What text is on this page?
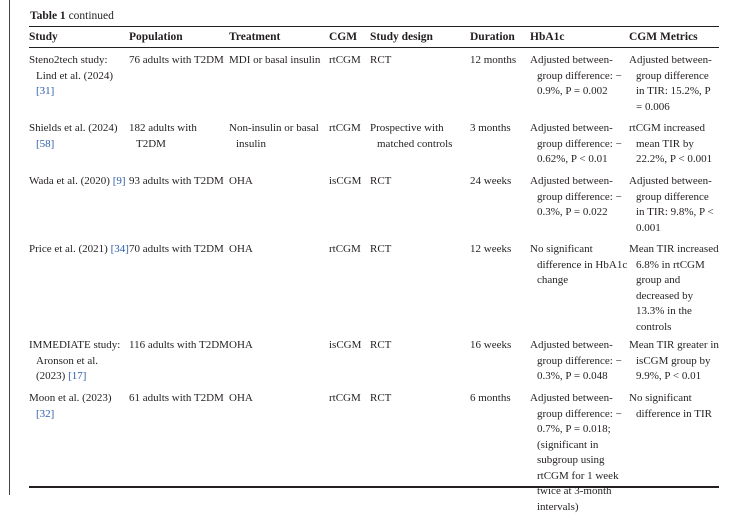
Table 1 continued
Study	Population	Treatment	CGM	Study design	Duration	HbA1c	CGM Metrics

Steno2tech study: Lind et al. (2024) [31]	76 adults with T2DM	MDI or basal insulin	rtCGM	RCT	12 months	Adjusted between-group difference: − 0.9%, P = 0.002	Adjusted between-group difference in TIR: 15.2%, P = 0.006

Shields et al. (2024) [58]	182 adults with T2DM	Non-insulin or basal insulin	rtCGM	Prospective with matched controls	3 months	Adjusted between-group difference: − 0.62%, P < 0.01	rtCGM increased mean TIR by 22.2%, P < 0.001

Wada et al. (2020) [9]	93 adults with T2DM	OHA	isCGM	RCT	24 weeks	Adjusted between-group difference: − 0.3%, P = 0.022	Adjusted between-group difference in TIR: 9.8%, P < 0.001

Price et al. (2021) [34]	70 adults with T2DM	OHA	rtCGM	RCT	12 weeks	No significant difference in HbA1c change	Mean TIR increased 6.8% in rtCGM group and decreased by 13.3% in the controls

IMMEDIATE study: Aronson et al. (2023) [17]	116 adults with T2DM	OHA	isCGM	RCT	16 weeks	Adjusted between-group difference: − 0.3%, P = 0.048	Mean TIR greater in isCGM group by 9.9%, P < 0.01

Moon et al. (2023) [32]	61 adults with T2DM	OHA	rtCGM	RCT	6 months	Adjusted between-group difference: − 0.7%, P = 0.018; (significant in subgroup using rtCGM for 1 week twice at 3-month intervals)	No significant difference in TIR
